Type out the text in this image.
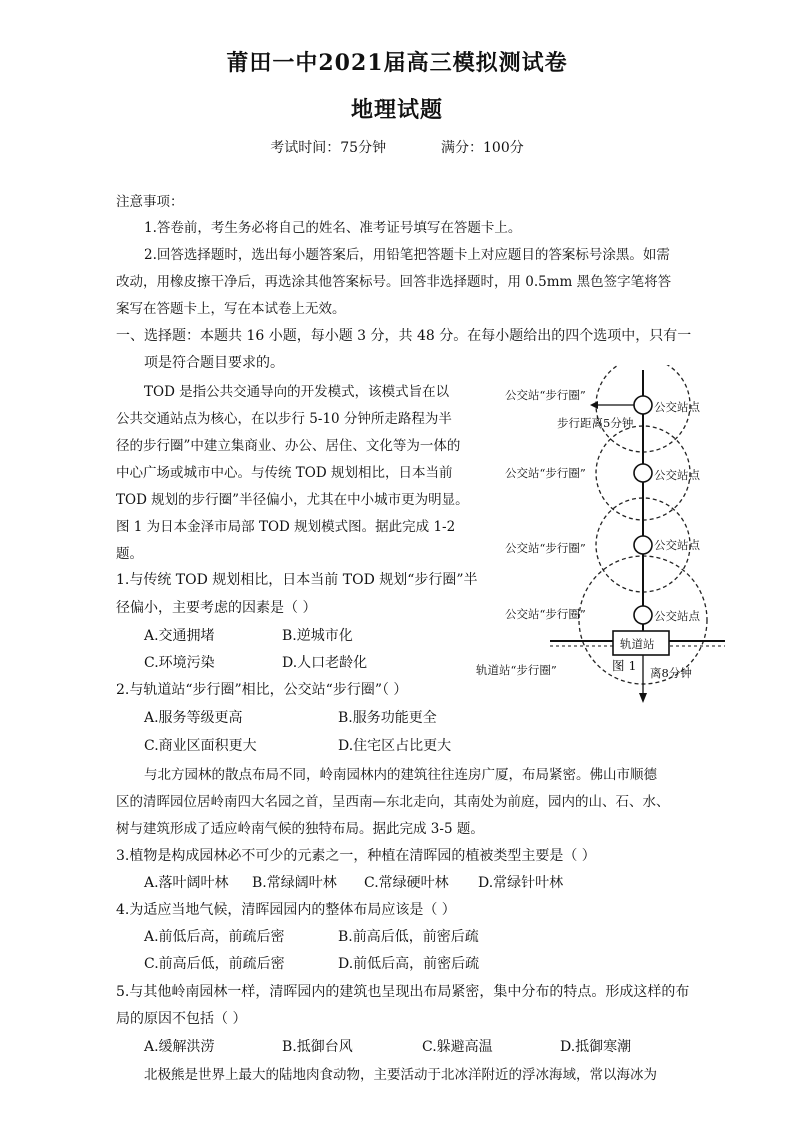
莆田一中2021届高三模拟测试卷
地理试题
考试时间：75分钟	满分：100分
注意事项：
1.答卷前，考生务必将自己的姓名、准考证号填写在答题卡上。
2.回答选择题时，选出每小题答案后，用铅笔把答题卡上对应题目的答案标号涂黑。如需
改动，用橡皮擦干净后，再选涂其他答案标号。回答非选择题时，用 0.5mm 黑色签字笔将答
案写在答题卡上，写在本试卷上无效。
一、选择题：本题共 16 小题，每小题 3 分，共 48 分。在每小题给出的四个选项中，只有一
项是符合题目要求的。
TOD 是指公共交通导向的开发模式，该模式旨在以
公共交通站点为核心，在以步行 5-10 分钟所走路程为半
径的步行圈”中建立集商业、办公、居住、文化等为一体的
中心广场或城市中心。与传统 TOD 规划相比，日本当前
TOD 规划的步行圈”半径偏小，尤其在中小城市更为明显。
图 1 为日本金泽市局部 TOD 规划模式图。据此完成 1-2
题。
1.与传统 TOD 规划相比，日本当前 TOD 规划“步行圈”半
径偏小，主要考虑的因素是（ ）
A.交通拥堵	B.逆城市化
C.环境污染	D.人口老龄化
2.与轨道站“步行圈”相比，公交站“步行圈”（ ）
A.服务等级更高	B.服务功能更全
C.商业区面积更大	D.住宅区占比更大
与北方园林的散点布局不同，岭南园林内的建筑往往连房广厦，布局紧密。佛山市顺德
区的清晖园位居岭南四大名园之首，呈西南—东北走向，其南处为前庭，园内的山、石、水、
树与建筑形成了适应岭南气候的独特布局。据此完成 3-5 题。
3.植物是构成园林必不可少的元素之一，种植在清晖园的植被类型主要是（ ）
A.落叶阔叶林 B.常绿阔叶林 C.常绿硬叶林 D.常绿针叶林
4.为适应当地气候，清晖园园内的整体布局应该是（ ）
A.前低后高，前疏后密	B.前高后低，前密后疏
C.前高后低，前疏后密	D.前低后高，前密后疏
5.与其他岭南园林一样，清晖园内的建筑也呈现出布局紧密，集中分布的特点。形成这样的布
局的原因不包括（ ）
A.缓解洪涝	B.抵御台风	C.躲避高温	D.抵御寒潮
北极熊是世界上最大的陆地肉食动物，主要活动于北冰洋附近的浮冰海域，常以海冰为
公交站“步行圈”
公交站点
步行距离5分钟
公交站“步行圈”	公交站点
公交站“步行圈”	公交站点
公交站“步行圈”	公交站点
轨道站
图 1
轨道站“步行圈”	离8分钟
